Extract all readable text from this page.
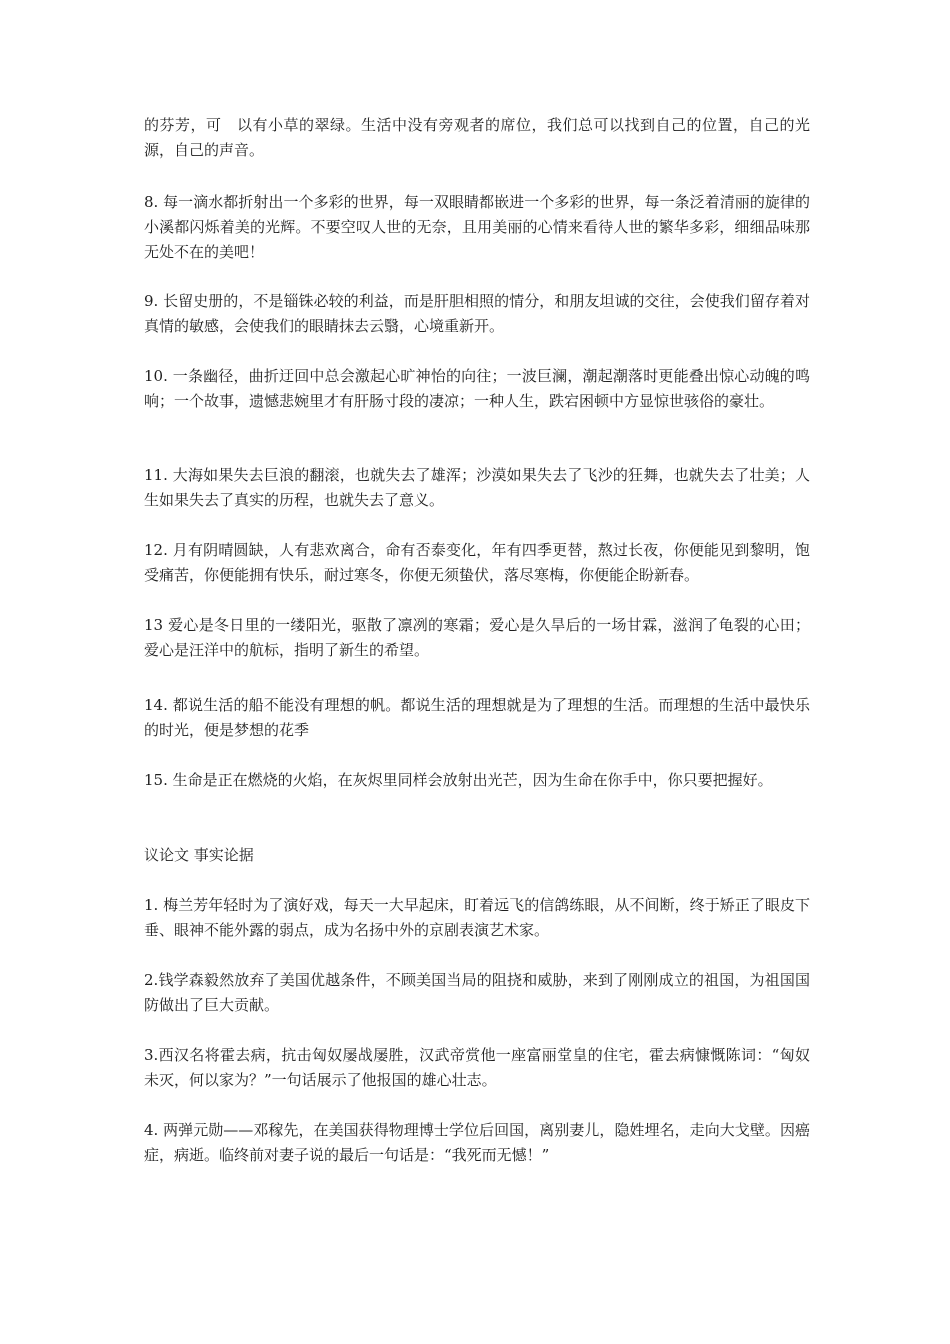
的芬芳，可　以有小草的翠绿。生活中没有旁观者的席位，我们总可以找到自己的位置，自己的光源，自己的声音。

8. 每一滴水都折射出一个多彩的世界，每一双眼睛都嵌进一个多彩的世界，每一条泛着清丽的旋律的　小溪都闪烁着美的光辉。不要空叹人世的无奈，且用美丽的心情来看待人世的繁华多彩，细细品味那无处不在的美吧！

9. 长留史册的，不是锱铢必较的利益，而是肝胆相照的情分，和朋友坦诚的交往，会使我们留存着对真情的敏感，会使我们的眼睛抹去云翳，心境重新开。

10. 一条幽径，曲折迂回中总会激起心旷神怡的向往；一波巨澜，潮起潮落时更能叠出惊心动魄的鸣响；一个故事，遗憾悲婉里才有肝肠寸段的凄凉；一种人生，跌宕困顿中方显惊世骇俗的豪壮。

11. 大海如果失去巨浪的翻滚，也就失去了雄浑；沙漠如果失去了飞沙的狂舞，也就失去了壮美；人生如果失去了真实的历程，也就失去了意义。

12. 月有阴晴圆缺，人有悲欢离合，命有否泰变化，年有四季更替，熬过长夜，你便能见到黎明，饱受痛苦，你便能拥有快乐，耐过寒冬，你便无须蛰伏，落尽寒梅，你便能企盼新春。

13 爱心是冬日里的一缕阳光，驱散了凛冽的寒霜；爱心是久旱后的一场甘霖，滋润了龟裂的心田；爱心是汪洋中的航标，指明了新生的希望。

14. 都说生活的船不能没有理想的帆。都说生活的理想就是为了理想的生活。而理想的生活中最快乐的时光，便是梦想的花季

15. 生命是正在燃烧的火焰，在灰烬里同样会放射出光芒，因为生命在你手中，你只要把握好。

议论文 事实论据

1. 梅兰芳年轻时为了演好戏，每天一大早起床，盯着远飞的信鸽练眼，从不间断，终于矫正了眼皮下垂、眼神不能外露的弱点，成为名扬中外的京剧表演艺术家。

2.钱学森毅然放弃了美国优越条件，不顾美国当局的阻挠和威胁，来到了刚刚成立的祖国，为祖国国防做出了巨大贡献。

3.西汉名将霍去病，抗击匈奴屡战屡胜，汉武帝赏他一座富丽堂皇的住宅，霍去病慷慨陈词：“匈奴未灭，何以家为？”一句话展示了他报国的雄心壮志。

4. 两弹元勋——邓稼先，在美国获得物理博士学位后回国，离别妻儿，隐姓埋名，走向大戈壁。因癌症，病逝。临终前对妻子说的最后一句话是：“我死而无憾！”
